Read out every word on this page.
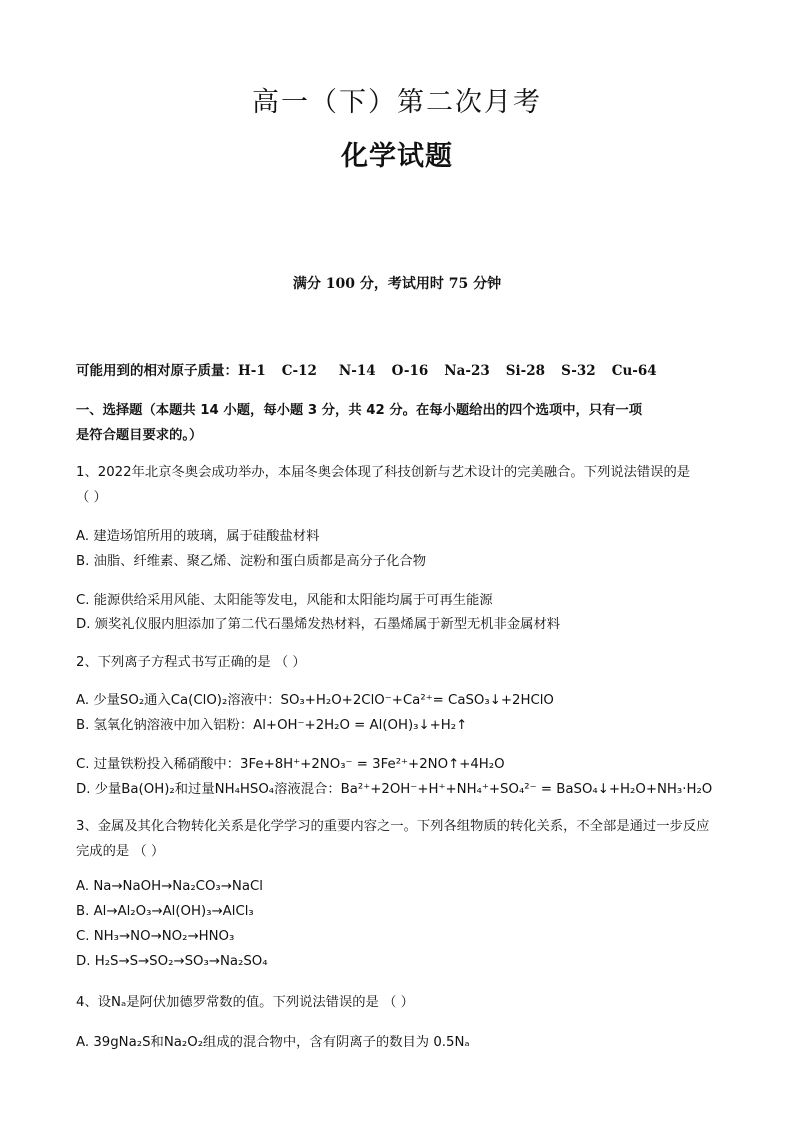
高一（下）第二次月考
化学试题
满分 100 分，考试用时 75 分钟
可能用到的相对原子质量：H-1 C-12 N-14 O-16 Na-23 Si-28 S-32 Cu-64
一、选择题（本题共 14 小题，每小题 3 分，共 42 分。在每小题给出的四个选项中，只有一项
是符合题目要求的。）
1、2022年北京冬奥会成功举办，本届冬奥会体现了科技创新与艺术设计的完美融合。下列说法错误的是
（ ）
A. 建造场馆所用的玻璃，属于硅酸盐材料
B. 油脂、纤维素、聚乙烯、淀粉和蛋白质都是高分子化合物
C. 能源供给采用风能、太阳能等发电，风能和太阳能均属于可再生能源
D. 颁奖礼仪服内胆添加了第二代石墨烯发热材料，石墨烯属于新型无机非金属材料
2、下列离子方程式书写正确的是 （ ）
A. 少量SO₂通入Ca(ClO)₂溶液中：SO₃+H₂O+2ClO⁻+Ca²⁺= CaSO₃↓+2HClO
B. 氢氧化钠溶液中加入铝粉：Al+OH⁻+2H₂O = Al(OH)₃↓+H₂↑
C. 过量铁粉投入稀硝酸中：3Fe+8H⁺+2NO₃⁻ = 3Fe²⁺+2NO↑+4H₂O
D. 少量Ba(OH)₂和过量NH₄HSO₄溶液混合：Ba²⁺+2OH⁻+H⁺+NH₄⁺+SO₄²⁻ = BaSO₄↓+H₂O+NH₃·H₂O
3、金属及其化合物转化关系是化学学习的重要内容之一。下列各组物质的转化关系，不全部是通过一步反应
完成的是 （ ）
A. Na→NaOH→Na₂CO₃→NaCl
B. Al→Al₂O₃→Al(OH)₃→AlCl₃
C. NH₃→NO→NO₂→HNO₃
D. H₂S→S→SO₂→SO₃→Na₂SO₄
4、设Nₐ是阿伏加德罗常数的值。下列说法错误的是 （ ）
A. 39gNa₂S和Na₂O₂组成的混合物中，含有阴离子的数目为 0.5Nₐ
